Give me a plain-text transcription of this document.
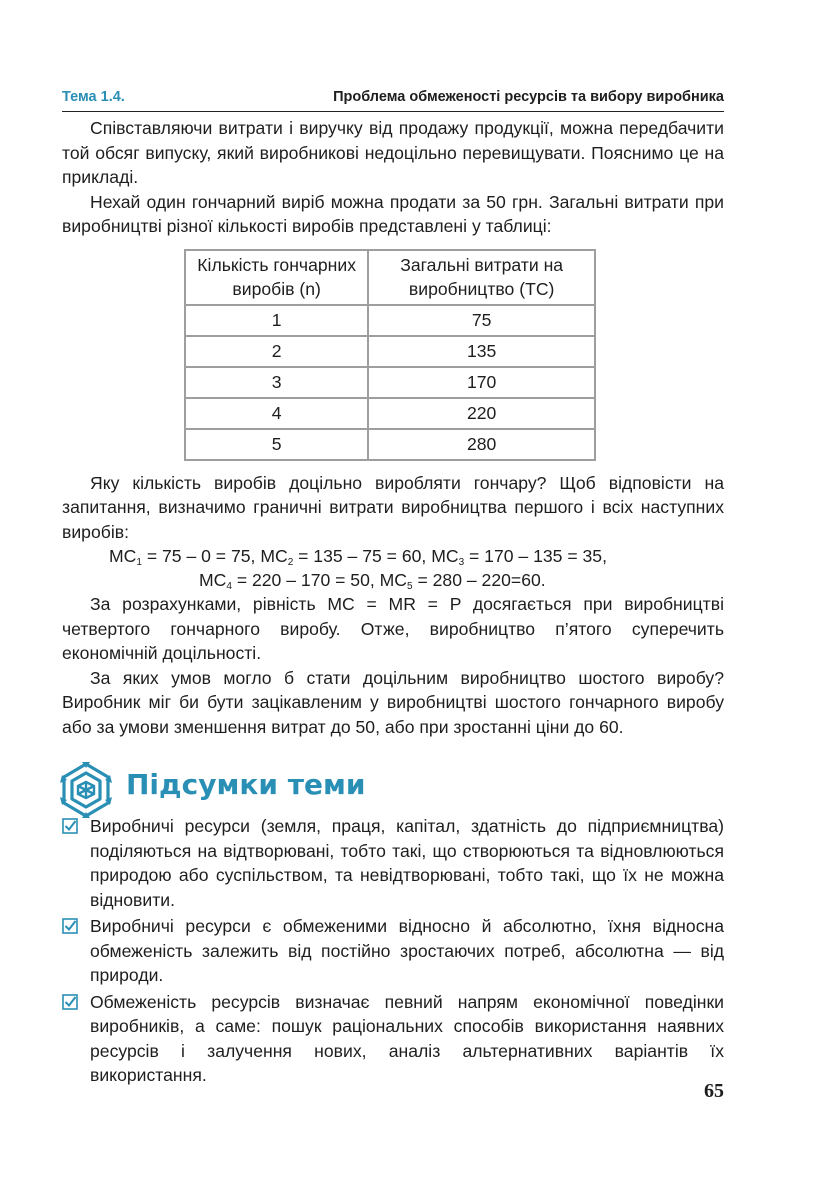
Тема 1.4.	Проблема обмеженості ресурсів та вибору виробника

Співставляючи витрати і виручку від продажу продукції, можна передбачити той обсяг випуску, який виробникові недоцільно перевищувати. Пояснимо це на прикладі.

Нехай один гончарний виріб можна продати за 50 грн. Загальні витрати при виробництві різної кількості виробів представлені у таблиці:

Кількість гончарних виробів (n)	Загальні витрати на виробництво (TC)
1	75
2	135
3	170
4	220
5	280

Яку кількість виробів доцільно виробляти гончару? Щоб відповісти на запитання, визначимо граничні витрати виробництва першого і всіх наступних виробів:

$MC_1 = 75 - 0 = 75$, $MC_2 = 135 - 75 = 60$, $MC_3 = 170 - 135 = 35$,
$MC_4 = 220 - 170 = 50$, $MC_5 = 280 - 220=60$.

За розрахунками, рівність MC = MR = P досягається при виробництві четвертого гончарного виробу. Отже, виробництво п’ятого суперечить економічній доцільності.

За яких умов могло б стати доцільним виробництво шостого виробу? Виробник міг би бути зацікавленим у виробництві шостого гончарного виробу або за умови зменшення витрат до 50, або при зростанні ціни до 60.

Підсумки теми
Виробничі ресурси (земля, праця, капітал, здатність до підприємництва) поділяються на відтворювані, тобто такі, що створюються та відновлюються природою або суспільством, та невідтворювані, тобто такі, що їх не можна відновити.
Виробничі ресурси є обмеженими відносно й абсолютно, їхня відносна обмеженість залежить від постійно зростаючих потреб, абсолютна — від природи.
Обмеженість ресурсів визначає певний напрям економічної поведінки виробників, а саме: пошук раціональних способів використання наявних ресурсів і залучення нових, аналіз альтернативних варіантів їх використання.
65
